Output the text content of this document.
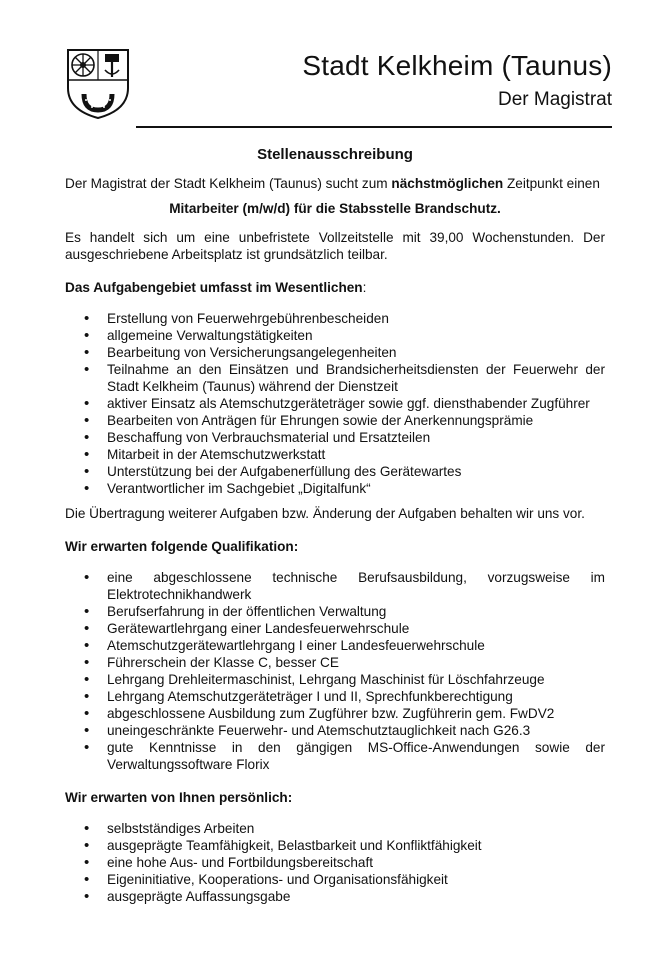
Stadt Kelkheim (Taunus)
Der Magistrat
Stellenausschreibung

Der Magistrat der Stadt Kelkheim (Taunus) sucht zum nächstmöglichen Zeitpunkt einen

Mitarbeiter (m/w/d) für die Stabsstelle Brandschutz.

Es handelt sich um eine unbefristete Vollzeitstelle mit 39,00 Wochenstunden. Der ausgeschriebene Arbeitsplatz ist grundsätzlich teilbar.

Das Aufgabengebiet umfasst im Wesentlichen:
• Erstellung von Feuerwehrgebührenbescheiden
• allgemeine Verwaltungstätigkeiten
• Bearbeitung von Versicherungsangelegenheiten
• Teilnahme an den Einsätzen und Brandsicherheitsdiensten der Feuerwehr der Stadt Kelkheim (Taunus) während der Dienstzeit
• aktiver Einsatz als Atemschutzgeräteträger sowie ggf. diensthabender Zugführer
• Bearbeiten von Anträgen für Ehrungen sowie der Anerkennungsprämie
• Beschaffung von Verbrauchsmaterial und Ersatzteilen
• Mitarbeit in der Atemschutzwerkstatt
• Unterstützung bei der Aufgabenerfüllung des Gerätewartes
• Verantwortlicher im Sachgebiet „Digitalfunk“

Die Übertragung weiterer Aufgaben bzw. Änderung der Aufgaben behalten wir uns vor.

Wir erwarten folgende Qualifikation:
• eine abgeschlossene technische Berufsausbildung, vorzugsweise im Elektrotechnikhandwerk
• Berufserfahrung in der öffentlichen Verwaltung
• Gerätewartlehrgang einer Landesfeuerwehrschule
• Atemschutzgerätewartlehrgang I einer Landesfeuerwehrschule
• Führerschein der Klasse C, besser CE
• Lehrgang Drehleitermaschinist, Lehrgang Maschinist für Löschfahrzeuge
• Lehrgang Atemschutzgeräteträger I und II, Sprechfunkberechtigung
• abgeschlossene Ausbildung zum Zugführer bzw. Zugführerin gem. FwDV2
• uneingeschränkte Feuerwehr- und Atemschutztauglichkeit nach G26.3
• gute Kenntnisse in den gängigen MS-Office-Anwendungen sowie der Verwaltungssoftware Florix
Wir erwarten von Ihnen persönlich:
• selbstständiges Arbeiten
• ausgeprägte Teamfähigkeit, Belastbarkeit und Konfliktfähigkeit
• eine hohe Aus- und Fortbildungsbereitschaft
• Eigeninitiative, Kooperations- und Organisationsfähigkeit
• ausgeprägte Auffassungsgabe
